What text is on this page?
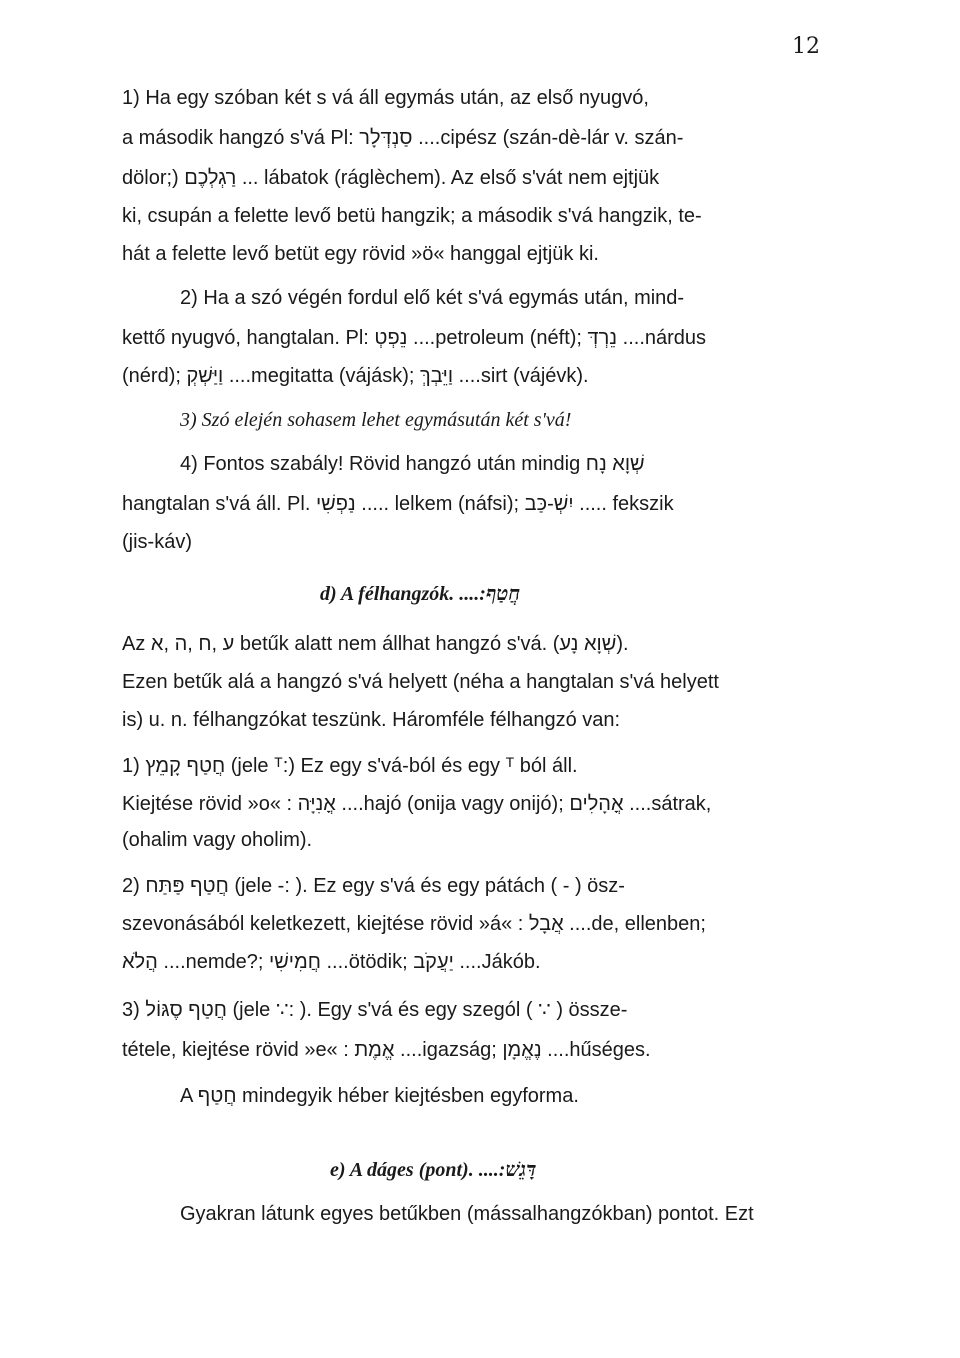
12
1) Ha egy szóban két s vá áll egymás után, az első nyugvó,
a második hangzó s'vá Pl: סַנְדְּלָר ....cipész (szán-dè-lár v. szán-
dölor;) רַגְלְכֶם ... lábatok (ráglèchem). Az első s'vát nem ejtjük
ki, csupán a felette levő betü hangzik; a második s'vá hangzik, te-
hát a felette levő betüt egy rövid »ö« hanggal ejtjük ki.
2) Ha a szó végén fordul elő két s'vá egymás után, mind-
kettő nyugvó, hangtalan. Pl: נֵפְטְ ....petroleum (néft); נֵרְדְּ ....nárdus
(nérd); וַיַּשְׁקְ ....megitatta (vájásk); וַיֵּבְךְּ ....sirt (vájévk).
3) Szó elején sohasem lehet egymásután két s'vá!
4) Fontos szabály! Rövid hangzó után mindig שְׁוָא נָח
hangtalan s'vá áll. Pl. נַפְשִׁי ..... lelkem (náfsi); יִשְׁ-כַּב ..... fekszik
(jis-káv)
d) A félhangzók. ....:חֲטַף
Az ע ,ח ,ה ,א betűk alatt nem állhat hangzó s'vá. (שְׁוָא נָע).
Ezen betűk alá a hangzó s'vá helyett (néha a hangtalan s'vá helyett
is) u. n. félhangzókat teszünk. Háromféle félhangzó van:
1) חֲטַף קָמֵץ (jele ᵀ:) Ez egy s'vá-ból és egy ᵀ ból áll.
Kiejtése rövid »o« : אֳנִיָּה ....hajó (onija vagy onijó); אֳהָלִים ....sátrak,
(ohalim vagy oholim).
2) חֲטַף פַּתַּח (jele -: ). Ez egy s'vá és egy pátách ( - ) ösz-
szevonásából keletkezett, kiejtése rövid »á« : אֲבָל ....de, ellenben;
הֲלֹא ....nemde?; חֲמִישִׁי ....ötödik; יַעֲקֹב ....Jákób.
3) חֲטַף סֶגּוֹל (jele ∵: ). Egy s'vá és egy szegól ( ∵ ) össze-
tétele, kiejtése rövid »e« : אֱמֶת ....igazság; נֶאֱמָן ....hűséges.
A חֲטַף mindegyik héber kiejtésben egyforma.
e) A dáges (pont). ....:דָּגֵשׁ
Gyakran látunk egyes betűkben (mássalhangzókban) pontot. Ezt
